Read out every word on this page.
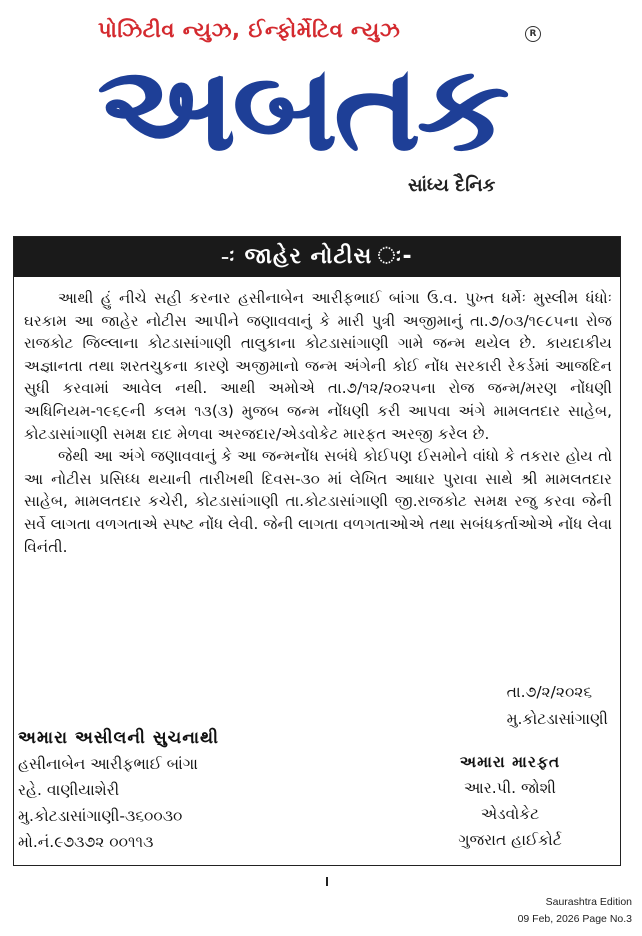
પોઝિટીવ ન્યુઝ, ઈન્ફોર્મેટિવ ન્યુઝ	R
અબતક
સાંધ્ય દૈનિક
-ઃ જાહેર નોટીસ ઃ-

આથી હું નીચે સહી કરનાર હસીનાબેન આરીફભાઈ બાંગા ઉ.વ. પુખ્ત ધર્મેઃ મુસ્લીમ ધંધોઃ ઘરકામ આ જાહેર નોટીસ આપીને જણાવવાનું કે મારી પુત્રી અજીમાનું તા.૭/૦૩/૧૯૮૫ના રોજ રાજકોટ જિલ્લાના કોટડાસાંગાણી તાલુકાના કોટડાસાંગાણી ગામે જન્મ થયેલ છે. કાયદાકીય અજ્ઞાનતા તથા શરતચુકના કારણે અજીમાનો જન્મ અંગેની કોઈ નોંધ સરકારી રેકર્ડમાં આજદિન સુધી કરવામાં આવેલ નથી. આથી અમોએ તા.૭/૧૨/૨૦૨૫ના રોજ જન્મ/મરણ નોંધણી અધિનિયમ-૧૯૬૯ની કલમ ૧૩(૩) મુજબ જન્મ નોંધણી કરી આપવા અંગે મામલતદાર સાહેબ, કોટડાસાંગાણી સમક્ષ દાદ મેળવા અરજદાર/એડવોકેટ મારફત અરજી કરેલ છે.

જેથી આ અંગે જણાવવાનું કે આ જન્મનોંધ સબંધે કોઈપણ ઈસમોને વાંધો કે તકરાર હોય તો આ નોટીસ પ્રસિધ્ધ થયાની તારીખથી દિવસ-૩૦ માં લેખિત આધાર પુરાવા સાથે શ્રી મામલતદાર સાહેબ, મામલતદાર કચેરી, કોટડાસાંગાણી તા.કોટડાસાંગાણી જી.રાજકોટ સમક્ષ રજુ કરવા જેની સર્વે લાગતા વળગતાએ સ્પષ્ટ નોંધ લેવી. જેની લાગતા વળગતાઓએ તથા સબંધકર્તાઓએ નોંધ લેવા વિનંતી.

તા.૭/૨/૨૦૨૬
મુ.કોટડાસાંગાણી
અમારા અસીલની સુચનાથી
હસીનાબેન આરીફભાઈ બાંગા
રહે. વાણીયાશેરી
મુ.કોટડાસાંગાણી-૩૬૦૦૩૦
મો.નં.૯૭૩૭૨ ૦૦૧૧૩
અમારા મારફત
આર.પી. જોશી
એડવોકેટ
ગુજરાત હાઈકોર્ટ
Saurashtra Edition
09 Feb, 2026 Page No.3
